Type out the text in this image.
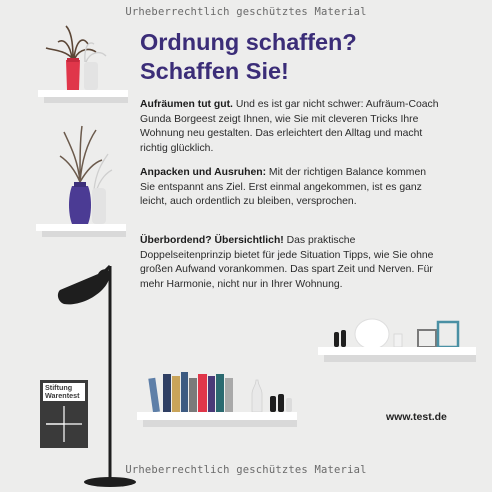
Stiftung
Warentest
Urheberrechtlich geschütztes Material
Urheberrechtlich geschütztes Material
Ordnung schaffen?
Schaffen Sie!

Aufräumen tut gut. Und es ist gar nicht schwer: Aufräum-Coach Gunda Borgeest zeigt Ihnen, wie Sie mit cleveren Tricks Ihre Wohnung neu gestalten. Das erleichtert den Alltag und macht richtig glücklich.

Anpacken und Ausruhen: Mit der richtigen Balance kommen Sie entspannt ans Ziel. Erst einmal angekommen, ist es ganz leicht, auch ordentlich zu bleiben, versprochen.

Überbordend? Übersichtlich! Das praktische Doppelseitenprinzip bietet für jede Situation Tipps, wie Sie ohne großen Aufwand vorankommen. Das spart Zeit und Nerven. Für mehr Harmonie, nicht nur in Ihrer Wohnung.

www.test.de
